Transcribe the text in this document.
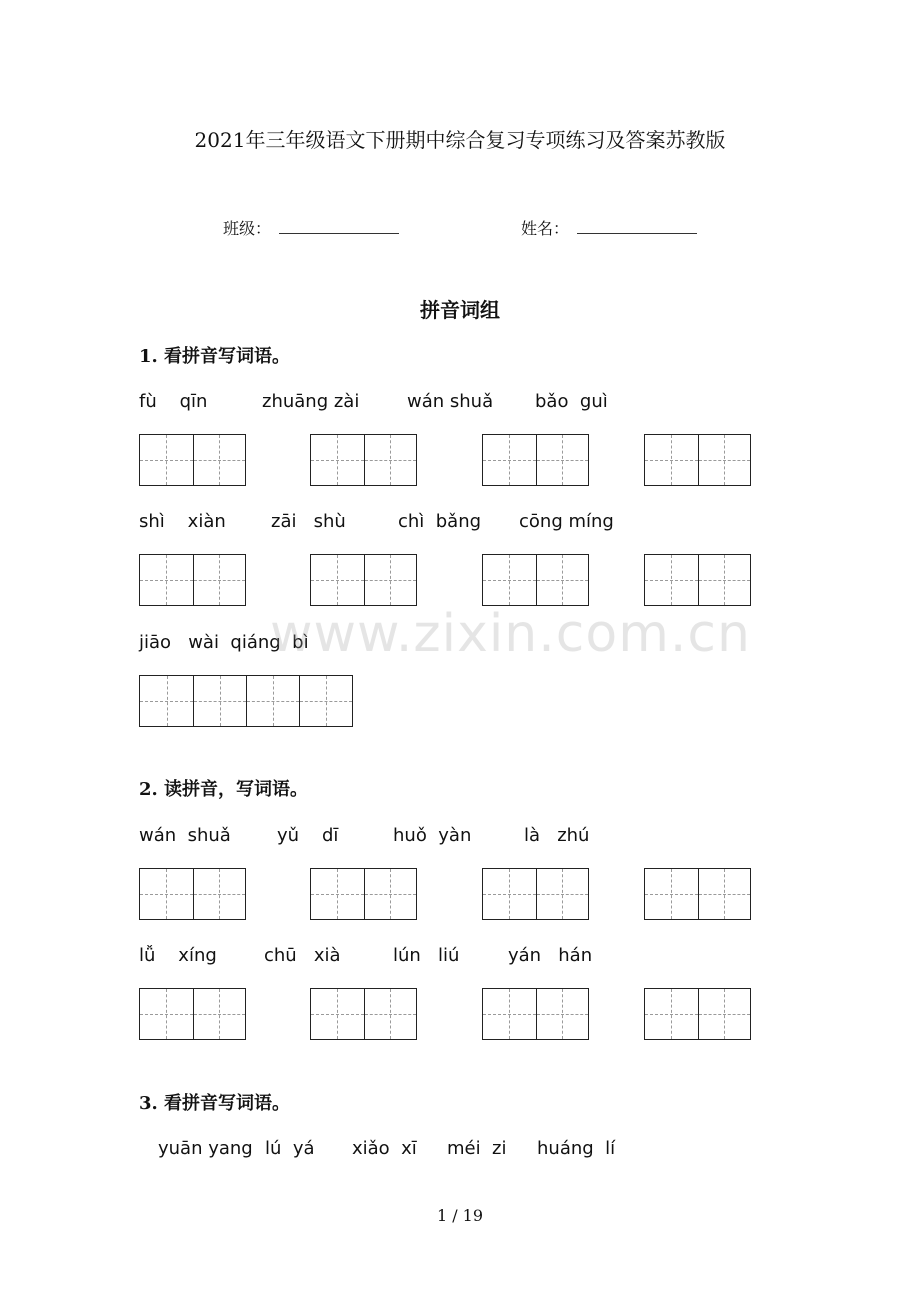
2021年三年级语文下册期中综合复习专项练习及答案苏教版
班级：	姓名：
拼音词组
1. 看拼音写词语。
fù    qīn	zhuāng zài	wán shuǎ bǎo  guì
shì    xiàn	zāi   shù	chì  bǎng cōng míng
jiāo   wài  qiáng  bì
2. 读拼音，写词语。
wán  shuǎ	yǔ    dī	huǒ  yàn	là   zhú
lǚ    xíng	chū   xià	lún   liú	yán   hán
3. 看拼音写词语。
yuān yang lú  yá xiǎo  xī méi  zi huáng  lí
www.zixin.com.cn
1 / 19
